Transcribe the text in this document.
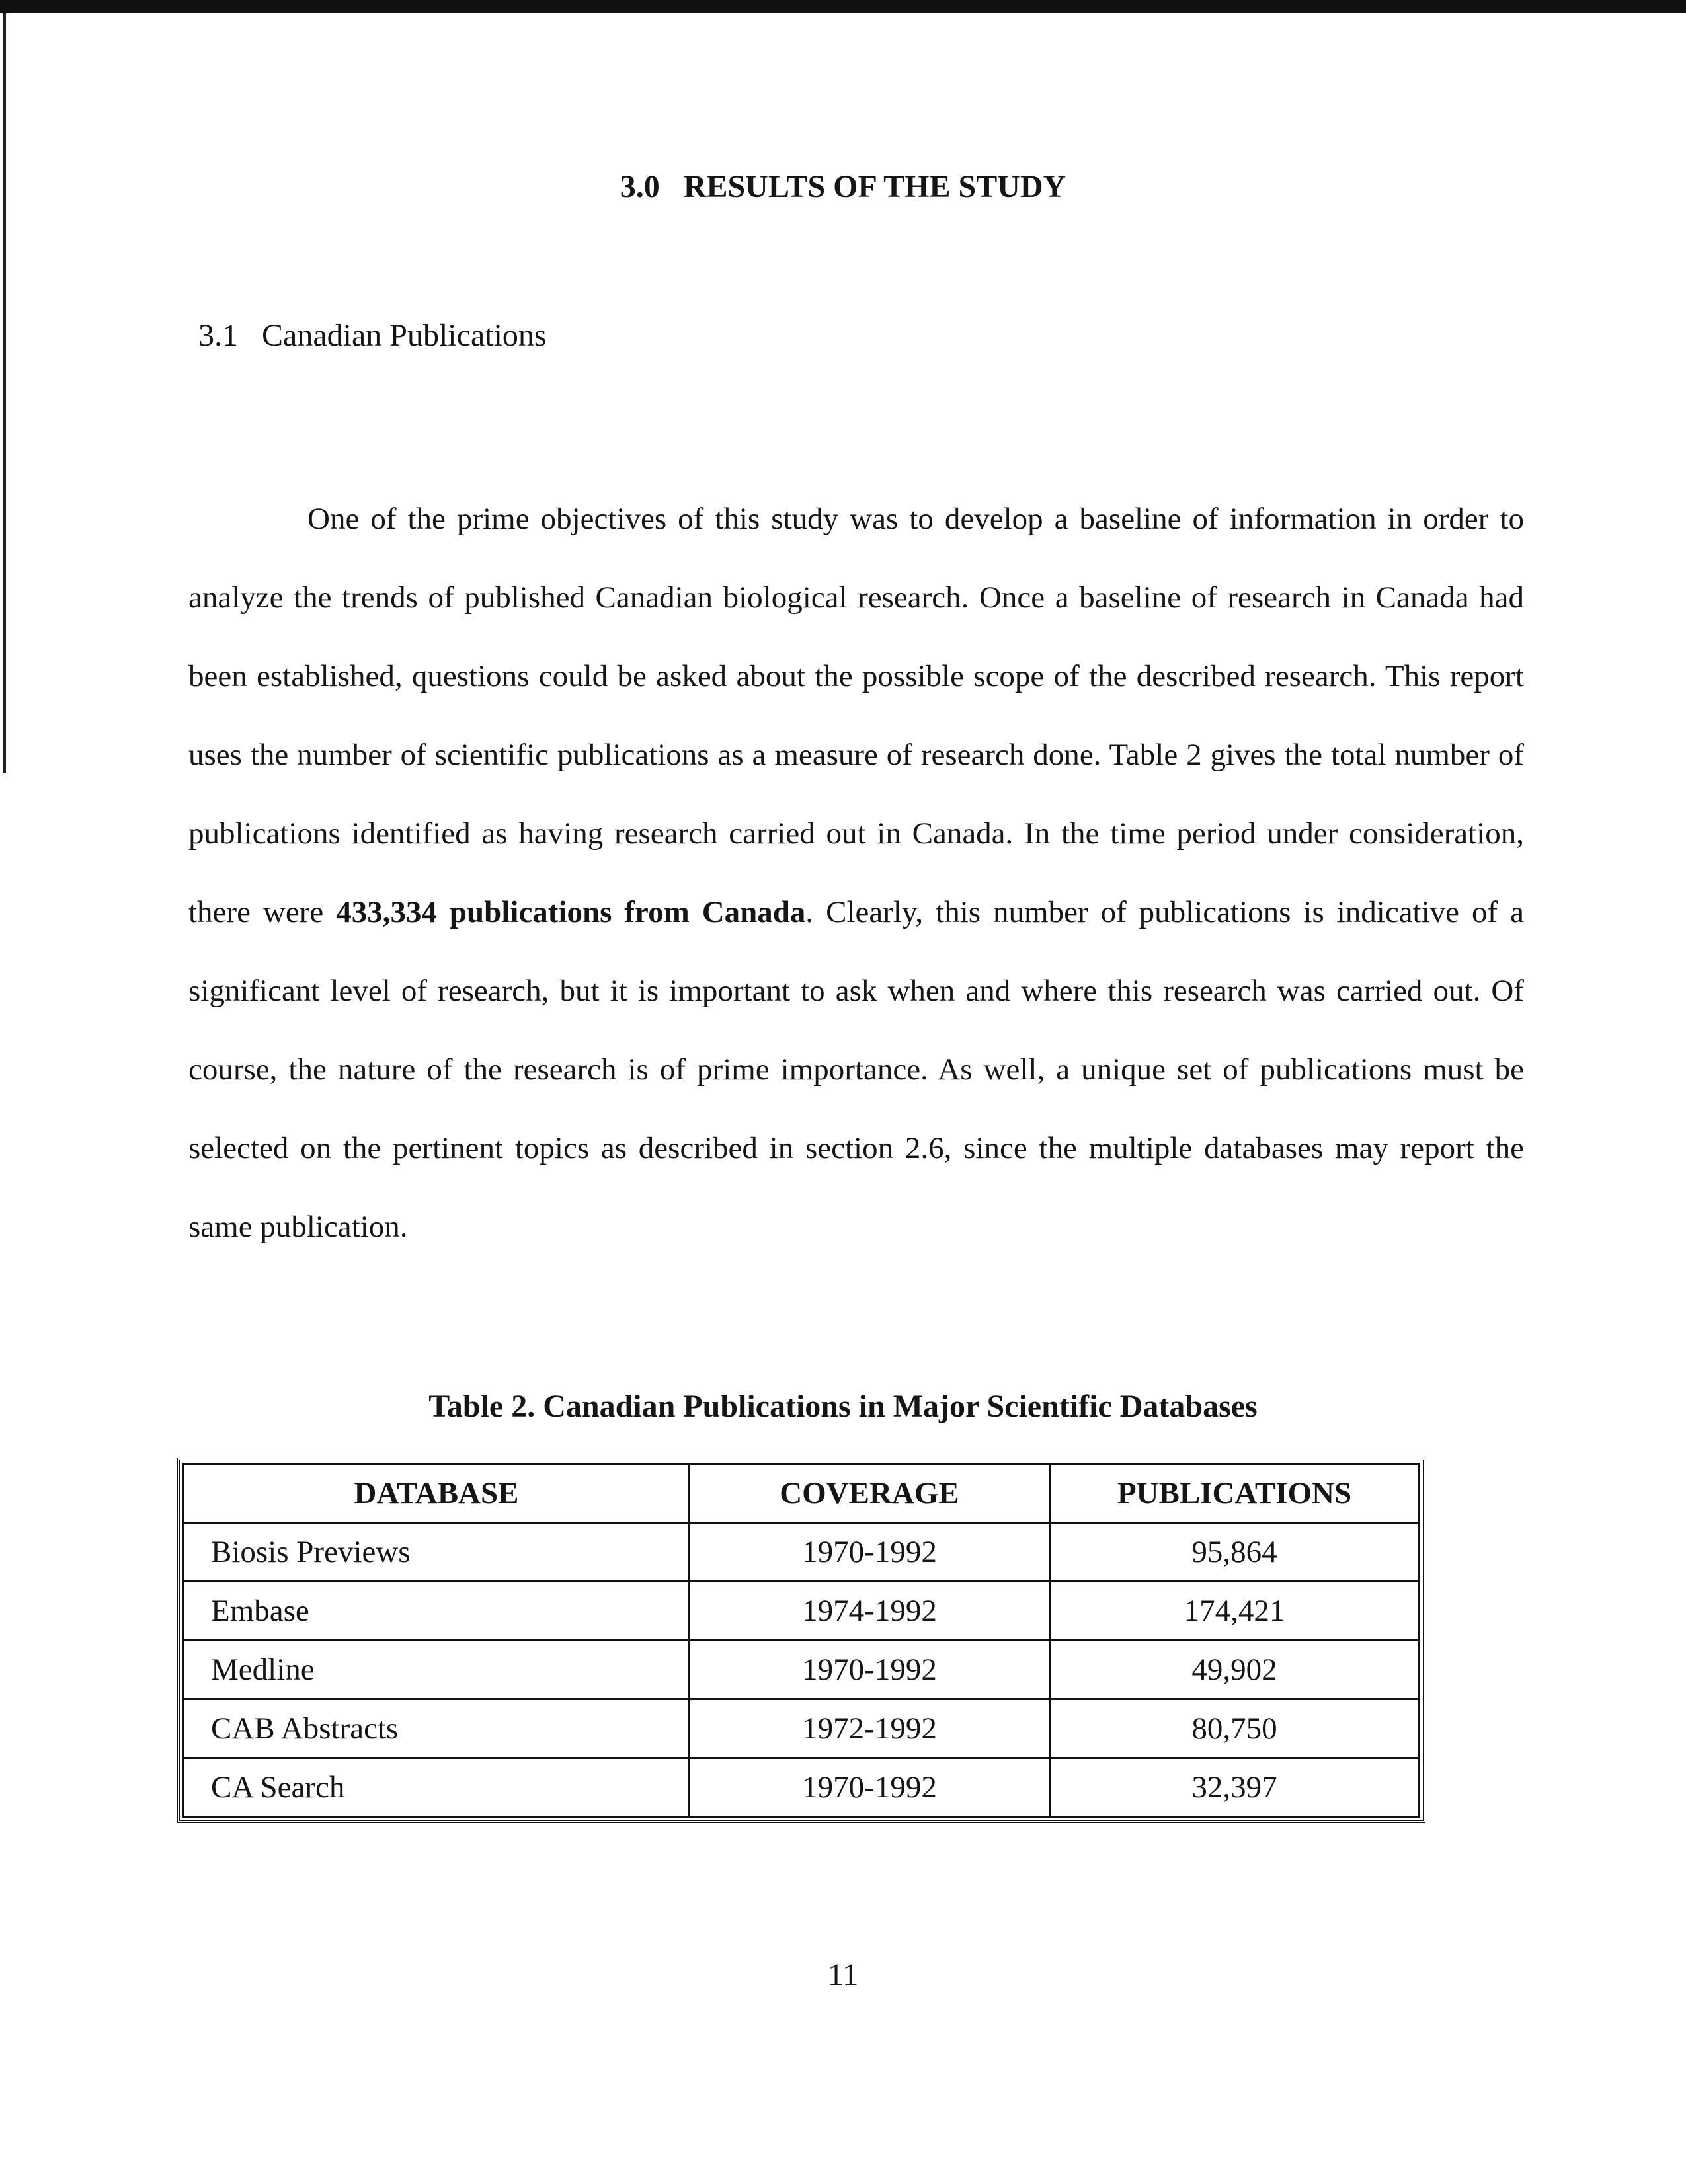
3.0   RESULTS OF THE STUDY
3.1   Canadian Publications

One of the prime objectives of this study was to develop a baseline of information in order to analyze the trends of published Canadian biological research. Once a baseline of research in Canada had been established, questions could be asked about the possible scope of the described research. This report uses the number of scientific publications as a measure of research done. Table 2 gives the total number of publications identified as having research carried out in Canada. In the time period under consideration, there were 433,334 publications from Canada. Clearly, this number of publications is indicative of a significant level of research, but it is important to ask when and where this research was carried out. Of course, the nature of the research is of prime importance. As well, a unique set of publications must be selected on the pertinent topics as described in section 2.6, since the multiple databases may report the same publication.

Table 2. Canadian Publications in Major Scientific Databases
DATABASE	COVERAGE	PUBLICATIONS
Biosis Previews	1970-1992	95,864
Embase	1974-1992	174,421
Medline	1970-1992	49,902
CAB Abstracts	1972-1992	80,750
CA Search	1970-1992	32,397
11
